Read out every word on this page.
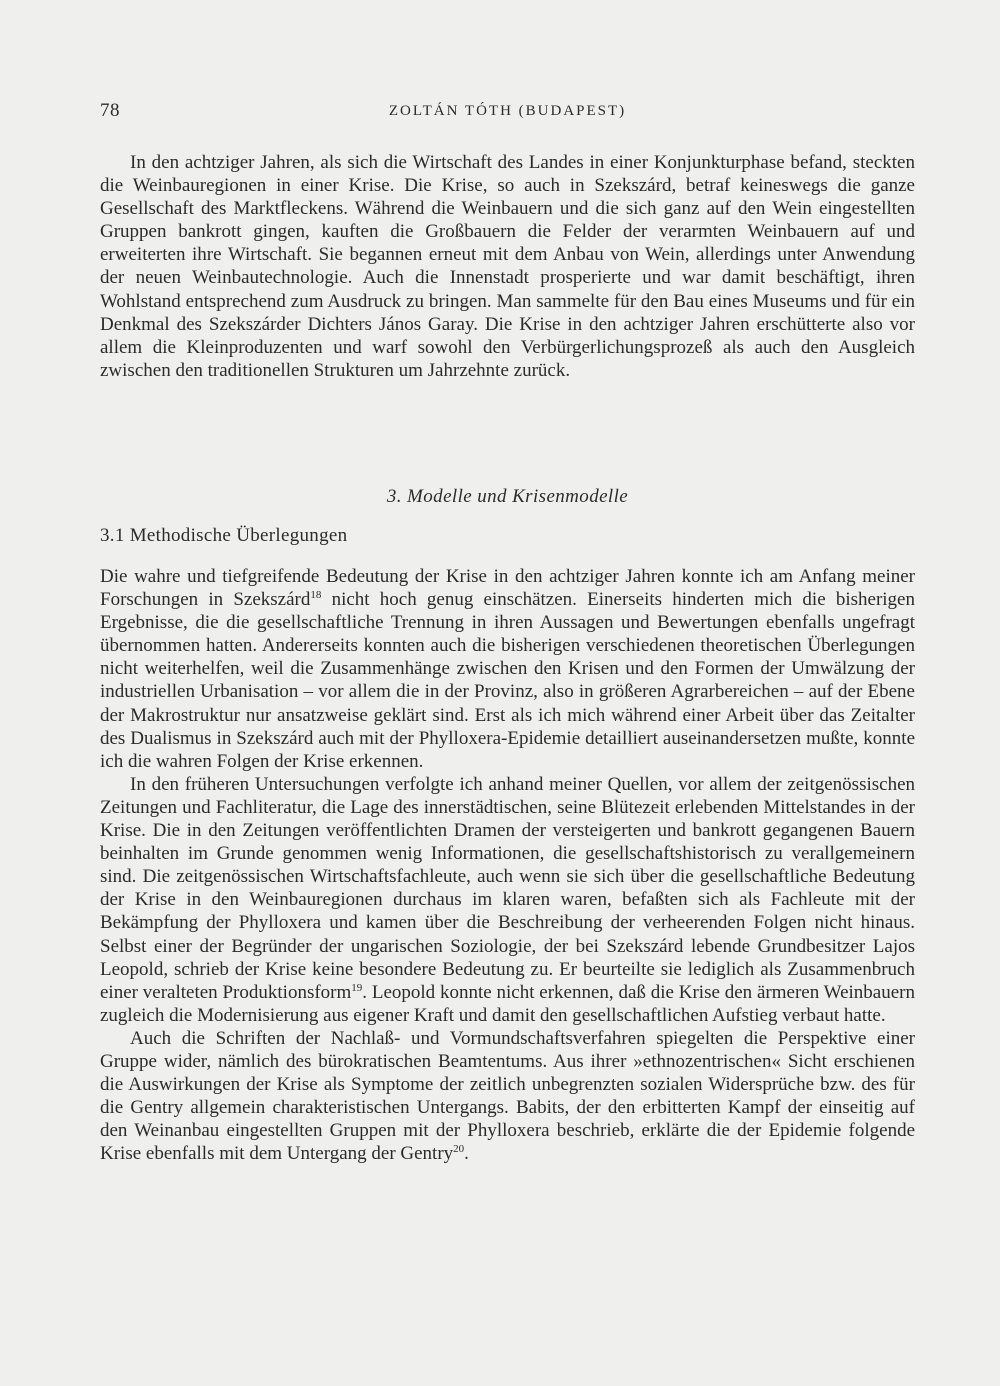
78	ZOLTÁN TÓTH (BUDAPEST)

In den achtziger Jahren, als sich die Wirtschaft des Landes in einer Konjunkturphase befand, steckten die Weinbauregionen in einer Krise. Die Krise, so auch in Szekszárd, betraf keineswegs die ganze Gesellschaft des Marktfleckens. Während die Weinbauern und die sich ganz auf den Wein eingestellten Gruppen bankrott gingen, kauften die Großbauern die Felder der verarmten Weinbauern auf und erweiterten ihre Wirtschaft. Sie begannen erneut mit dem Anbau von Wein, allerdings unter Anwendung der neuen Weinbautechnologie. Auch die Innenstadt prosperierte und war damit beschäftigt, ihren Wohlstand entsprechend zum Ausdruck zu bringen. Man sammelte für den Bau eines Museums und für ein Denkmal des Szekszárder Dichters János Garay. Die Krise in den achtziger Jahren erschütterte also vor allem die Kleinproduzenten und warf sowohl den Verbürgerlichungsprozeß als auch den Ausgleich zwischen den traditionellen Strukturen um Jahrzehnte zurück.

3. Modelle und Krisenmodelle
3.1 Methodische Überlegungen

Die wahre und tiefgreifende Bedeutung der Krise in den achtziger Jahren konnte ich am Anfang meiner Forschungen in Szekszárd$^{18}$ nicht hoch genug einschätzen. Einerseits hinderten mich die bisherigen Ergebnisse, die die gesellschaftliche Trennung in ihren Aussagen und Bewertungen ebenfalls ungefragt übernommen hatten. Andererseits konnten auch die bisherigen verschiedenen theoretischen Überlegungen nicht weiterhelfen, weil die Zusammenhänge zwischen den Krisen und den Formen der Umwälzung der industriellen Urbanisation – vor allem die in der Provinz, also in größeren Agrarbereichen – auf der Ebene der Makrostruktur nur ansatzweise geklärt sind. Erst als ich mich während einer Arbeit über das Zeitalter des Dualismus in Szekszárd auch mit der Phylloxera-Epidemie detailliert auseinandersetzen mußte, konnte ich die wahren Folgen der Krise erkennen.

In den früheren Untersuchungen verfolgte ich anhand meiner Quellen, vor allem der zeitgenössischen Zeitungen und Fachliteratur, die Lage des innerstädtischen, seine Blütezeit erlebenden Mittelstandes in der Krise. Die in den Zeitungen veröffentlichten Dramen der versteigerten und bankrott gegangenen Bauern beinhalten im Grunde genommen wenig Informationen, die gesellschaftshistorisch zu verallgemeinern sind. Die zeitgenössischen Wirtschaftsfachleute, auch wenn sie sich über die gesellschaftliche Bedeutung der Krise in den Weinbauregionen durchaus im klaren waren, befaßten sich als Fachleute mit der Bekämpfung der Phylloxera und kamen über die Beschreibung der verheerenden Folgen nicht hinaus. Selbst einer der Begründer der ungarischen Soziologie, der bei Szekszárd lebende Grundbesitzer Lajos Leopold, schrieb der Krise keine besondere Bedeutung zu. Er beurteilte sie lediglich als Zusammenbruch einer veralteten Produktionsform$^{19}$. Leopold konnte nicht erkennen, daß die Krise den ärmeren Weinbauern zugleich die Modernisierung aus eigener Kraft und damit den gesellschaftlichen Aufstieg verbaut hatte.

Auch die Schriften der Nachlaß- und Vormundschaftsverfahren spiegelten die Perspektive einer Gruppe wider, nämlich des bürokratischen Beamtentums. Aus ihrer »ethnozentrischen« Sicht erschienen die Auswirkungen der Krise als Symptome der zeitlich unbegrenzten sozialen Widersprüche bzw. des für die Gentry allgemein charakteristischen Untergangs. Babits, der den erbitterten Kampf der einseitig auf den Weinanbau eingestellten Gruppen mit der Phylloxera beschrieb, erklärte die der Epidemie folgende Krise ebenfalls mit dem Untergang der Gentry$^{20}$.
